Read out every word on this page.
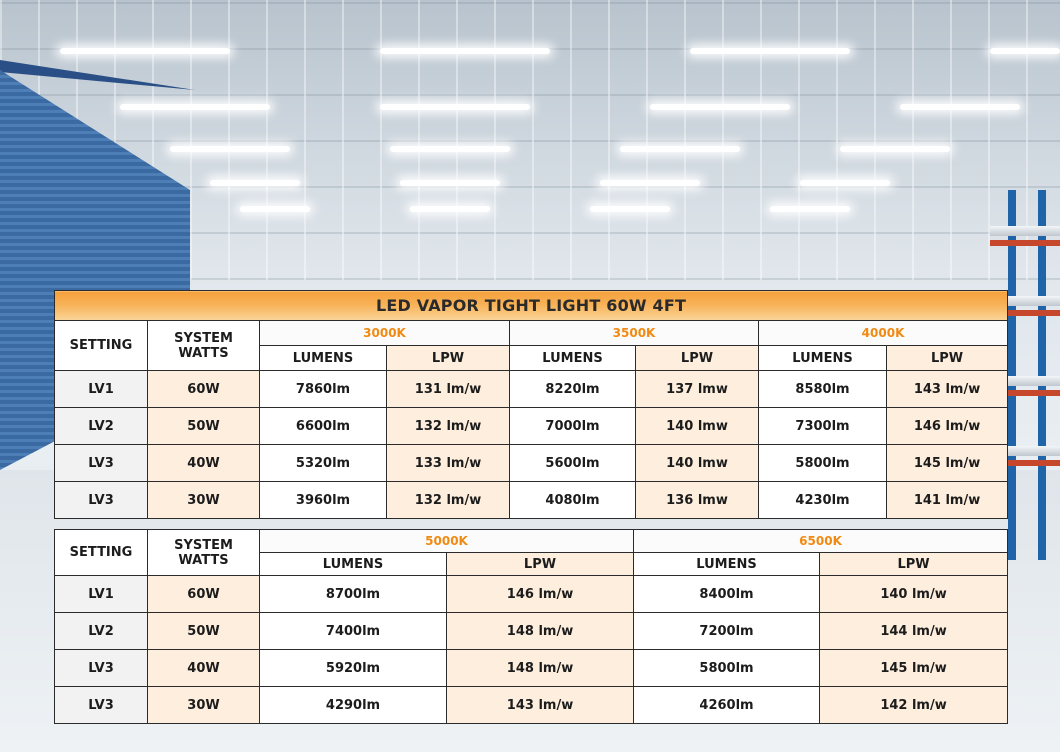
LED VAPOR TIGHT LIGHT 60W 4FT							
SETTING	SYSTEM WATTS	3000K		3500K		4000K	
		LUMENS	LPW	LUMENS	LPW	LUMENS	LPW
LV1	60W	7860lm	131 lm/w	8220lm	137 lmw	8580lm	143 lm/w
LV2	50W	6600lm	132 lm/w	7000lm	140 lmw	7300lm	146 lm/w
LV3	40W	5320lm	133 lm/w	5600lm	140 lmw	5800lm	145 lm/w
LV3	30W	3960lm	132 lm/w	4080lm	136 lmw	4230lm	141 lm/w
SETTING	SYSTEM WATTS	5000K		6500K	
		LUMENS	LPW	LUMENS	LPW
LV1	60W	8700lm	146 lm/w	8400lm	140 lm/w
LV2	50W	7400lm	148 lm/w	7200lm	144 lm/w
LV3	40W	5920lm	148 lm/w	5800lm	145 lm/w
LV3	30W	4290lm	143 lm/w	4260lm	142 lm/w
